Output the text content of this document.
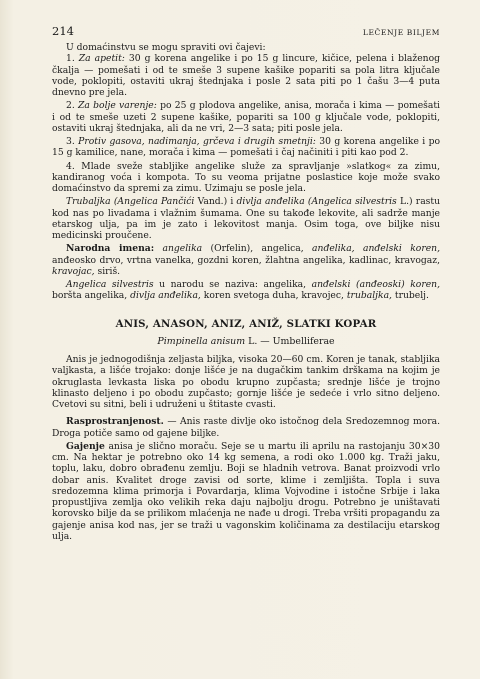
214	LEČENJE BILJEM

U domaćinstvu se mogu spraviti ovi čajevi:

1. Za apetit: 30 g korena angelike i po 15 g lincure, kičice, pelena i blaženog čkalja — pomešati i od te smeše 3 supene kašike popariti sa pola litra ključale vode, poklopiti, ostaviti ukraj štednjaka i posle 2 sata piti po 1 čašu 3—4 puta dnevno pre jela.

2. Za bolje varenje: po 25 g plodova angelike, anisa, morača i kima — pomešati i od te smeše uzeti 2 supene kašike, popariti sa 100 g ključale vode, poklopiti, ostaviti ukraj štednjaka, ali da ne vri, 2—3 sata; piti posle jela.

3. Protiv gasova, nadimanja, grčeva i drugih smetnji: 30 g korena angelike i po 15 g kamilice, nane, morača i kima — pomešati i čaj načiniti i piti kao pod 2.

4. Mlade sveže stabljike angelike služe za spravljanje »slatkog« za zimu, kandiranog voća i kompota. To su veoma prijatne poslastice koje može svako domaćinstvo da spremi za zimu. Uzimaju se posle jela.

Trubaljka (Angelica Pančići Vand.) i divlja anđelika (Angelica silvestris L.) rastu kod nas po livadama i vlažnim šumama. One su takođe lekovite, ali sadrže manje etarskog ulja, pa im je zato i lekovitost manja. Osim toga, ove biljke nisu medicinski proučene.

Narodna imena: angelika (Orfelin), angelica, anđelika, anđelski koren, anđeosko drvo, vrtna vanelka, gozdni koren, žlahtna angelika, kadlinac, kravogaz, kravojac, siriš.

Angelica silvestris u narodu se naziva: angelika, anđelski (anđeoski) koren, boršta angelika, divlja anđelika, koren svetoga duha, kravojec, trubaljka, trubelj.

ANIS, ANASON, ANIZ, ANIŽ, SLATKI KOPAR
Pimpinella anisum L. — Umbelliferae

Anis je jednogodišnja zeljasta biljka, visoka 20—60 cm. Koren je tanak, stabljika valjkasta, a lišće trojako: donje lišće je na dugačkim tankim drškama na kojim je okruglasta levkasta liska po obodu krupno zupčasta; srednje lišće je trojno klinasto deljeno i po obodu zupčasto; gornje lišće je sedeće i vrlo sitno deljeno. Cvetovi su sitni, beli i udruženi u štitaste cvasti.

Rasprostranjenost. — Anis raste divlje oko istočnog dela Sredozemnog mora. Droga potiče samo od gajene biljke.

Gajenje anisa je slično moraču. Seje se u martu ili aprilu na rastojanju 30×30 cm. Na hektar je potrebno oko 14 kg semena, a rodi oko 1.000 kg. Traži jaku, toplu, laku, dobro obrađenu zemlju. Boji se hladnih vetrova. Banat proizvodi vrlo dobar anis. Kvalitet droge zavisi od sorte, klime i zemljišta. Topla i suva sredozemna klima primorja i Povardarja, klima Vojvodine i istočne Srbije i laka propustljiva zemlja oko velikih reka daju najbolju drogu. Potrebno je uništavati korovsko bilje da se prilikom mlaćenja ne nađe u drogi. Treba vršiti propagandu za gajenje anisa kod nas, jer se traži u vagonskim količinama za destilaciju etarskog ulja.
